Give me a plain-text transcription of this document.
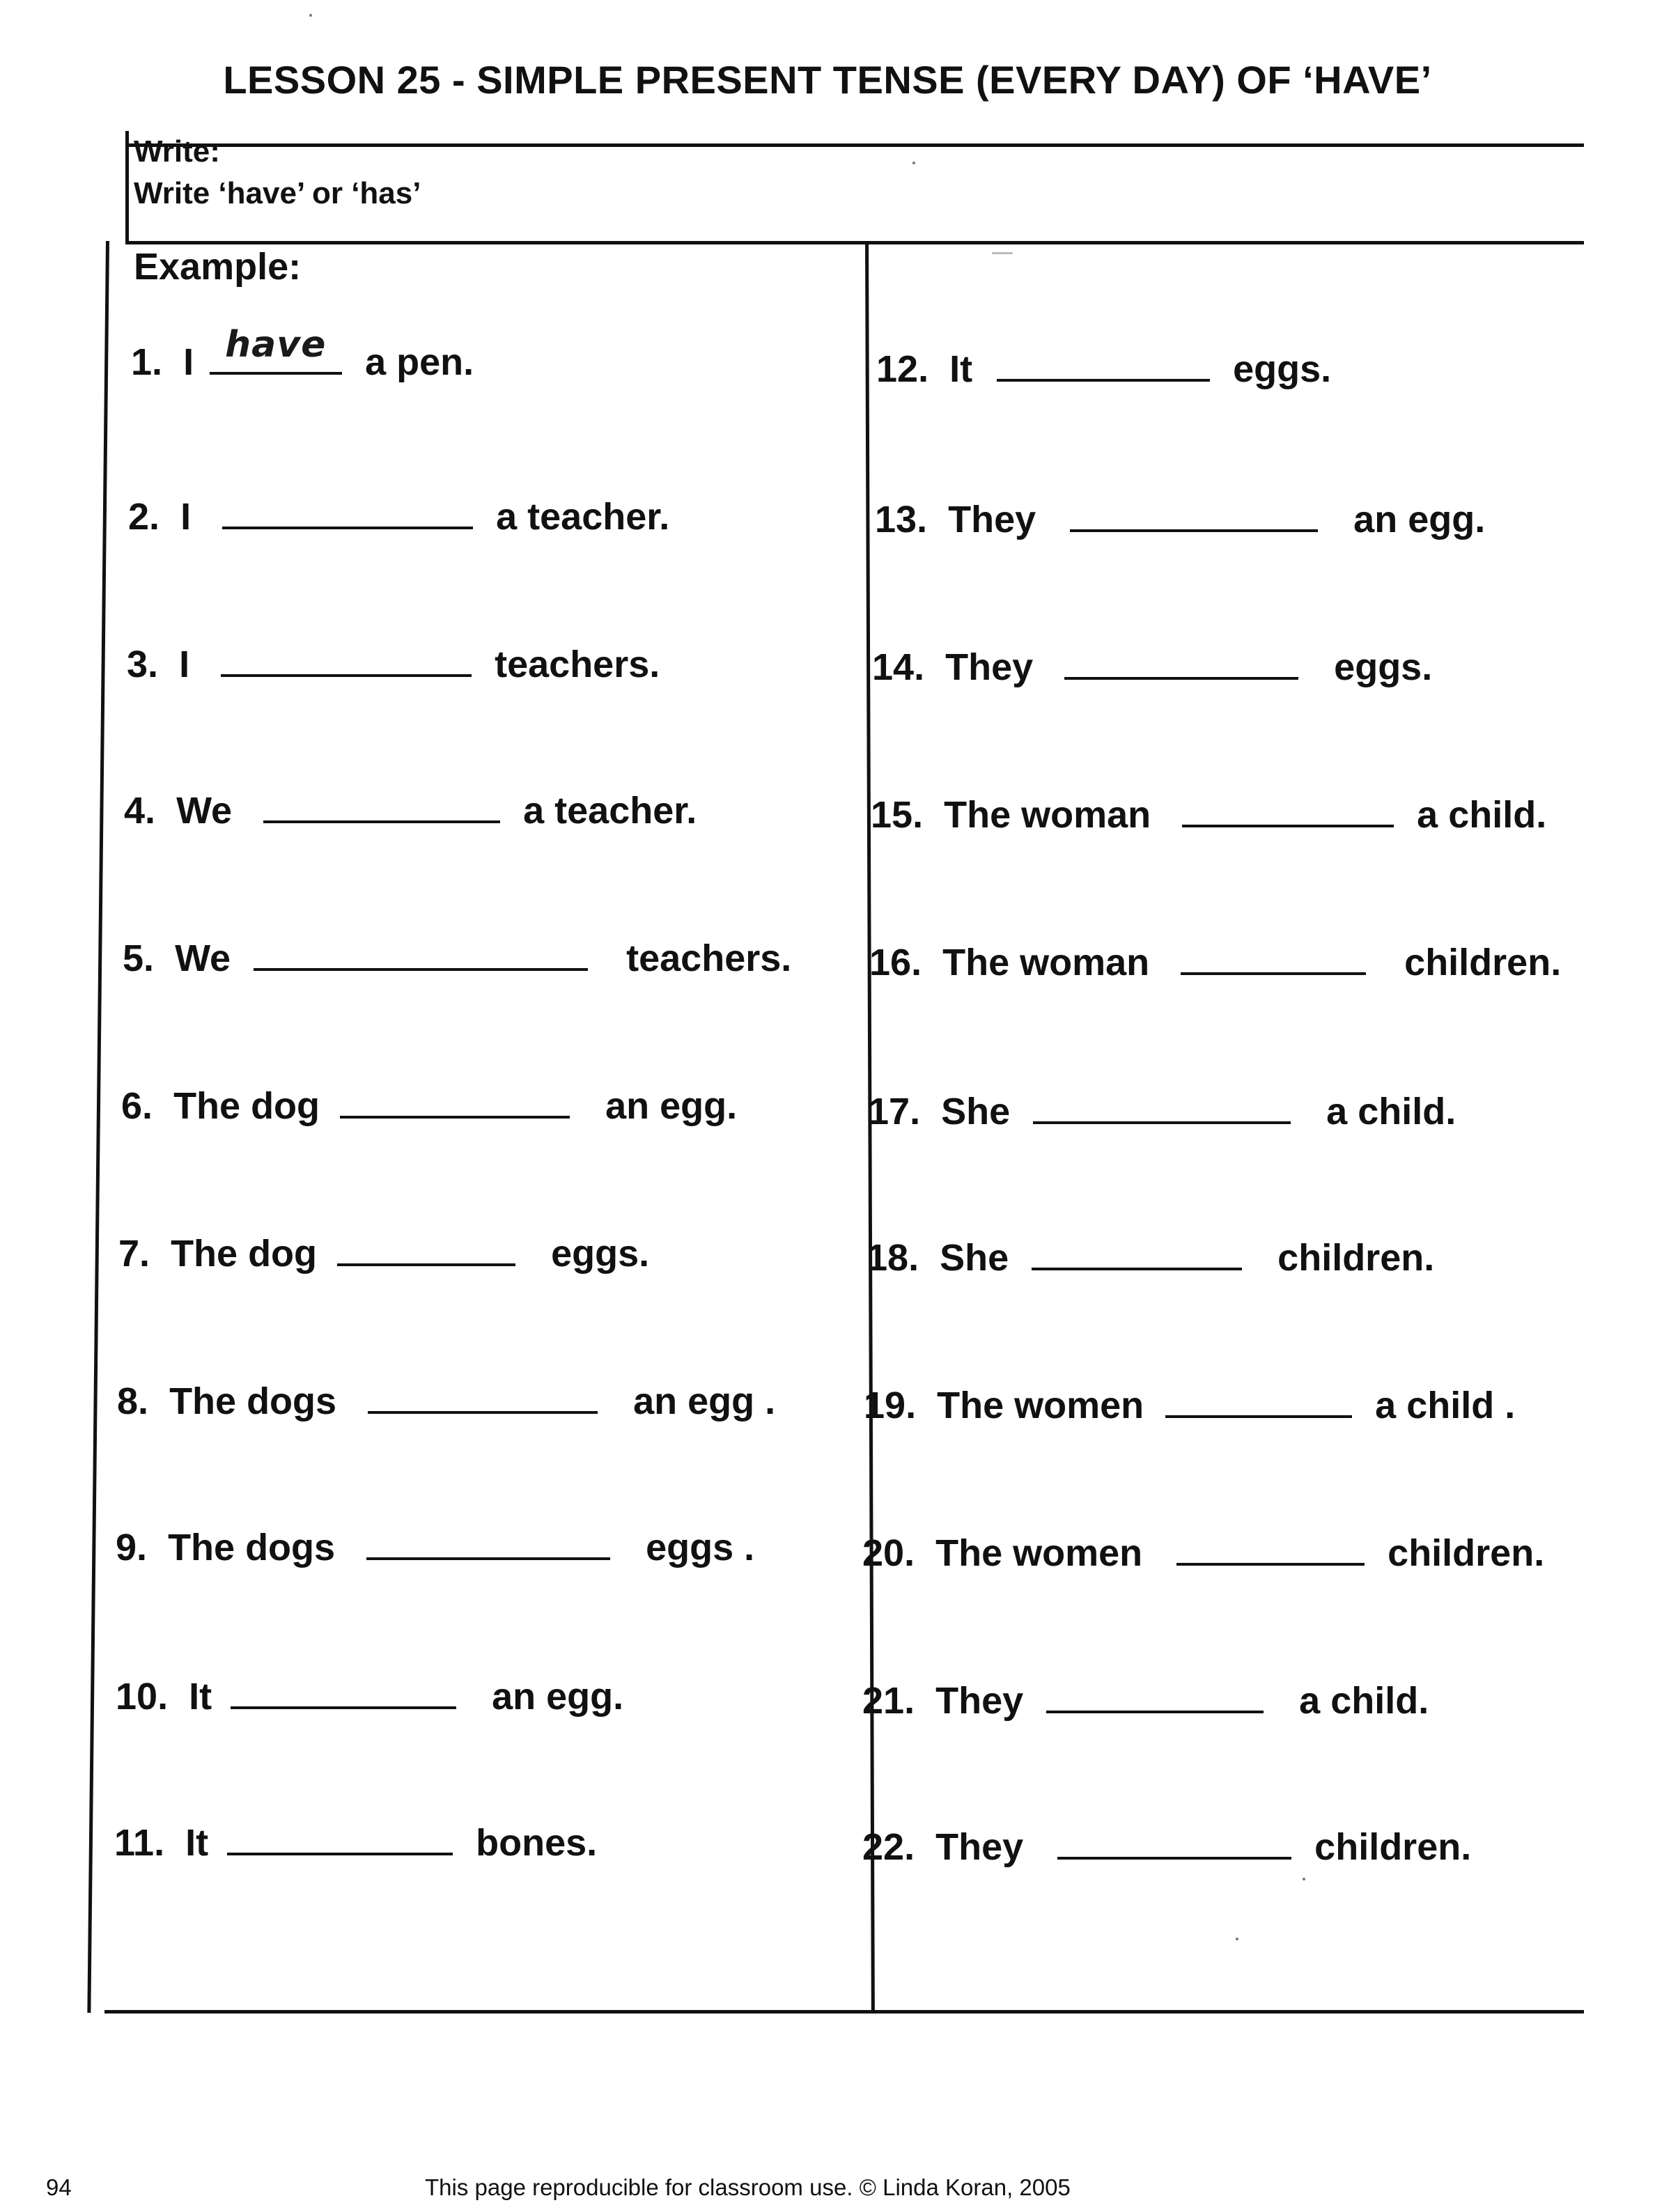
LESSON 25 - SIMPLE PRESENT TENSE (EVERY DAY) OF ‘HAVE’
Write:
Write ‘have’ or ‘has’
Example:
1. I have a pen.
2. I	a teacher.
3. I	teachers.
4. We	a teacher.
5. We	teachers.
6. The dog	an egg.
7. The dog	eggs.
8. The dogs	an egg .
9. The dogs	eggs .
10. It	an egg.
11. It	bones.
12. It	eggs.
13. They	an egg.
14. They	eggs.
15. The woman	a child.
16. The woman	children.
17. She	a child.
18. She	children.
19. The women	a child .
20. The women	children.
21. They	a child.
22. They	children.
94	This page reproducible for classroom use. © Linda Koran, 2005
